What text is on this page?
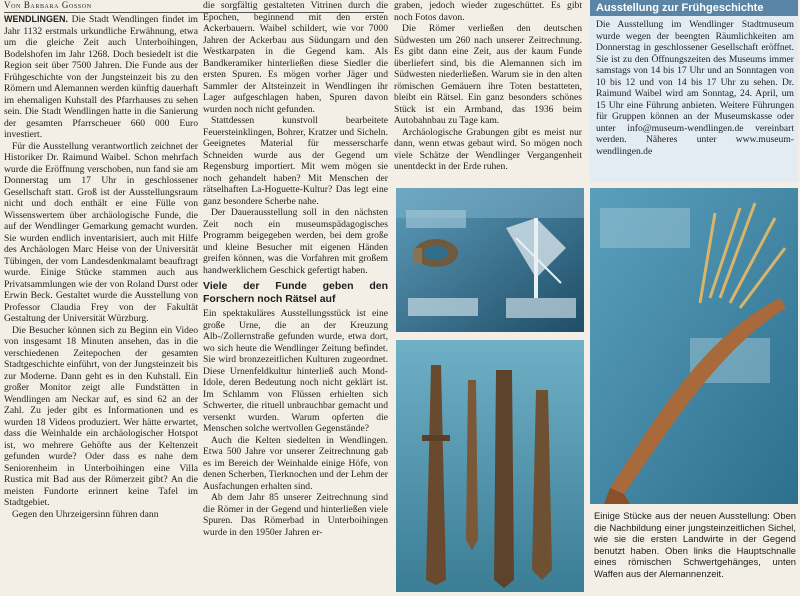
Von Barbara Gosson

WENDLINGEN. Die Stadt Wendlingen findet im Jahr 1132 erstmals urkundliche Erwähnung, etwa um die gleiche Zeit auch Unterboihingen, Bodelshofen im Jahr 1268. Doch besiedelt ist die Region seit über 7500 Jahren. Die Funde aus der Frühgeschichte von der Jungsteinzeit bis zu den Römern und Alemannen werden künftig dauerhaft im ehemaligen Kuhstall des Pfarrhauses zu sehen sein. Die Stadt Wendlingen hatte in die Sanierung der gesamten Pfarrscheuer 660 000 Euro investiert.

Für die Ausstellung verantwortlich zeichnet der Historiker Dr. Raimund Waibel. Schon mehrfach wurde die Eröffnung verschoben, nun fand sie am Donnerstag um 17 Uhr in geschlossener Gesellschaft statt. Groß ist der Ausstellungsraum nicht und doch enthält er eine Fülle von Wissenswertem über archäologische Funde, die auf der Wendlinger Gemarkung gemacht wurden. Sie wurden endlich inventarisiert, auch mit Hilfe des Archäologen Marc Heise von der Universität Tübingen, der vom Landesdenkmalamt beauftragt wurde. Einige Stücke stammen auch aus Privatsammlungen wie der von Roland Durst oder Erwin Beck. Gestaltet wurde die Ausstellung von Professor Claudia Frey von der Fakultät Gestaltung der Universität Würzburg.

Die Besucher können sich zu Beginn ein Video von insgesamt 18 Minuten ansehen, das in die verschiedenen Zeitepochen der gesamten Stadtgeschichte einführt, von der Jungsteinzeit bis zur Moderne. Dann geht es in den Kuhstall. Ein großer Monitor zeigt alle Fundstätten in Wendlingen am Neckar auf, es sind 62 an der Zahl. Zu jeder gibt es Informationen und es wurden 18 Videos produziert. Wer hätte erwartet, dass die Weinhalde ein archäologischer Hotspot ist, wo mehrere Gehöfte aus der Keltenzeit gefunden wurde? Oder dass es nahe dem Seniorenheim in Unterboihingen eine Villa Rustica mit Bad aus der Römerzeit gibt? An die meisten Fundorte erinnert keine Tafel im Stadtgebiet.

Gegen den Uhrzeigersinn führen dann

die sorgfältig gestalteten Vitrinen durch die Epochen, beginnend mit den ersten Ackerbauern. Waibel schildert, wie vor 7000 Jahren der Ackerbau aus Südungarn und den Westkarpaten in die Gegend kam. Als Bandkeramiker hinterließen diese Siedler die ersten Spuren. Es mögen vorher Jäger und Sammler der Altsteinzeit in Wendlingen ihr Lager aufgeschlagen haben, Spuren davon wurden noch nicht gefunden.

Stattdessen kunstvoll bearbeitete Feuersteinklingen, Bohrer, Kratzer und Sicheln. Geeignetes Material für messerscharfe Schneiden wurde aus der Gegend um Regensburg importiert. Mit wem mögen sie noch gehandelt haben? Mit Menschen der rätselhaften La-Hoguette-Kultur? Das legt eine ganz besondere Scherbe nahe.

Der Dauerausstellung soll in den nächsten Zeit noch ein museumspädagogisches Programm beigegeben werden, bei dem große und kleine Besucher mit eigenen Händen greifen können, was die Vorfahren mit großem handwerklichem Geschick gefertigt haben.

Viele der Funde geben den Forschern noch Rätsel auf

Ein spektakuläres Ausstellungsstück ist eine große Urne, die an der Kreuzung Alb-/Zollernstraße gefunden wurde, etwa dort, wo sich heute die Wendlinger Zeitung befindet. Sie wird bronzezeitlichen Kulturen zugeordnet. Diese Urnenfeldkultur hinterließ auch Mond-Idole, deren Bedeutung noch nicht geklärt ist. Im Schlamm von Flüssen erhielten sich Schwerter, die rituell unbrauchbar gemacht und versenkt wurden. Warum opferten die Menschen solche wertvollen Gegenstände?

Auch die Kelten siedelten in Wendlingen. Etwa 500 Jahre vor unserer Zeitrechnung gab es im Bereich der Weinhalde einige Höfe, von denen Scherben, Tierknochen und der Lehm der Ausfachungen erhalten sind.

Ab dem Jahr 85 unserer Zeitrechnung sind die Römer in der Gegend und hinterließen viele Spuren. Das Römerbad in Unterboihingen wurde in den 1950er Jahren er-

graben, jedoch wieder zugeschüttet. Es gibt noch Fotos davon.

Die Römer verließen den deutschen Südwesten um 260 nach unserer Zeitrechnung. Es gibt dann eine Zeit, aus der kaum Funde überliefert sind, bis die Alemannen sich im Südwesten niederließen. Warum sie in den alten römischen Gemäuern ihre Toten bestatteten, bleibt ein Rätsel. Ein ganz besonders schönes Stück ist ein Armband, das 1936 beim Autobahnbau zu Tage kam.

Archäologische Grabungen gibt es meist nur dann, wenn etwas gebaut wird. So mögen noch viele Schätze der Wendlinger Vergangenheit unentdeckt in der Erde ruhen.

Ausstellung zur Frühgeschichte
Die Ausstellung im Wendlinger Stadtmuseum wurde wegen der beengten Räumlichkeiten am Donnerstag in geschlossener Gesellschaft eröffnet. Sie ist zu den Öffnungszeiten des Museums immer samstags von 14 bis 17 Uhr und an Sonntagen von 10 bis 12 und von 14 bis 17 Uhr zu sehen. Dr. Raimund Waibel wird am Sonntag, 24. April, um 15 Uhr eine Führung anbieten. Weitere Führungen für Gruppen können an der Museumskasse oder unter info@museum-wendlingen.de vereinbart werden. Näheres unter www.museum-wendlingen.de
Einige Stücke aus der neuen Ausstellung: Oben die Nachbildung einer jungsteinzeitlichen Sichel, wie sie die ersten Landwirte in der Gegend benutzt haben. Oben links die Hauptschnalle eines römischen Schwertgehänges, unten Waffen aus der Alemannenzeit.
